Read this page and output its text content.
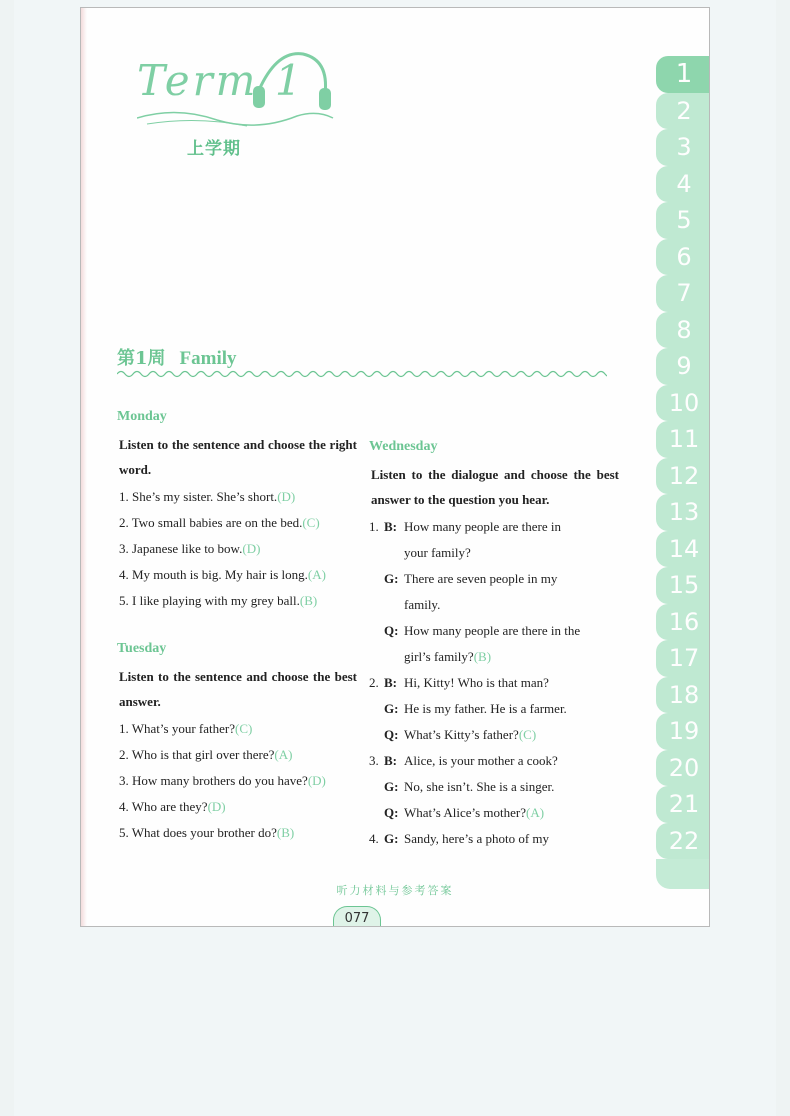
Term 1
上学期
1
2
3
4
5
6
7
8
9
10
11
12
13
14
15
16
17
18
19
20
21
22
第1周 Family
Monday
Listen to the sentence and choose the right word.
1. She’s my sister. She’s short.(D)
2. Two small babies are on the bed.(C)
3. Japanese like to bow.(D)
4. My mouth is big. My hair is long.(A)
5. I like playing with my grey ball.(B)
Tuesday
Listen to the sentence and choose the best answer.
1. What’s your father?(C)
2. Who is that girl over there?(A)
3. How many brothers do you have?(D)
4. Who are they?(D)
5. What does your brother do?(B)
Wednesday
Listen to the dialogue and choose the best answer to the question you hear.
1. B: How many people are there in
your family?
G: There are seven people in my
family.
Q: How many people are there in the
girl’s family?(B)
2. B: Hi, Kitty! Who is that man?
G: He is my father. He is a farmer.
Q: What’s Kitty’s father?(C)
3. B: Alice, is your mother a cook?
G: No, she isn’t. She is a singer.
Q: What’s Alice’s mother?(A)
4. G: Sandy, here’s a photo of my
听力材料与参考答案
077
